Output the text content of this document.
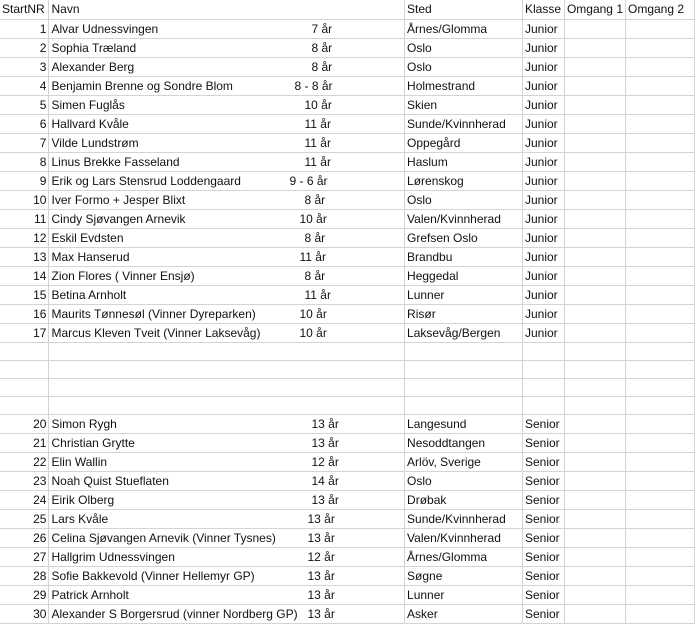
StartNR	Navn	Sted	Klasse	Omgang 1	Omgang 2
1	Alvar Udnessvingen 7 år	Årnes/Glomma	Junior		
2	Sophia Træland 8 år	Oslo	Junior		
3	Alexander Berg 8 år	Oslo	Junior		
4	Benjamin Brenne og Sondre Blom 8 - 8 år	Holmestrand	Junior		
5	Simen Fuglås 10 år	Skien	Junior		
6	Hallvard Kvåle 11 år	Sunde/Kvinnherad	Junior		
7	Vilde Lundstrøm 11 år	Oppegård	Junior		
8	Linus Brekke Fasseland 11 år	Haslum	Junior		
9	Erik og Lars Stensrud Loddengaard 9 - 6 år	Lørenskog	Junior		
10	Iver Formo + Jesper Blixt 8 år	Oslo	Junior		
11	Cindy Sjøvangen Arnevik 10 år	Valen/Kvinnherad	Junior		
12	Eskil Evdsten 8 år	Grefsen Oslo	Junior		
13	Max Hanserud 11 år	Brandbu	Junior		
14	Zion Flores ( Vinner Ensjø) 8 år	Heggedal	Junior		
15	Betina Arnholt 11 år	Lunner	Junior		
16	Maurits Tønnesøl (Vinner Dyreparken) 10 år	Risør	Junior		
17	Marcus Kleven Tveit (Vinner Laksevåg) 10 år	Laksevåg/Bergen	Junior		

20	Simon Rygh 13 år	Langesund	Senior		
21	Christian Grytte 13 år	Nesoddtangen	Senior		
22	Elin Wallin 12 år	Arlöv, Sverige	Senior		
23	Noah Quist Stueflaten 14 år	Oslo	Senior		
24	Eirik Olberg 13 år	Drøbak	Senior		
25	Lars Kvåle 13 år	Sunde/Kvinnherad	Senior		
26	Celina Sjøvangen Arnevik (Vinner Tysnes) 13 år	Valen/Kvinnherad	Senior		
27	Hallgrim Udnessvingen 12 år	Årnes/Glomma	Senior		
28	Sofie Bakkevold (Vinner Hellemyr GP) 13 år	Søgne	Senior		
29	Patrick Arnholt 13 år	Lunner	Senior		
30	Alexander S Borgersrud (vinner Nordberg GP) 13 år	Asker	Senior		
